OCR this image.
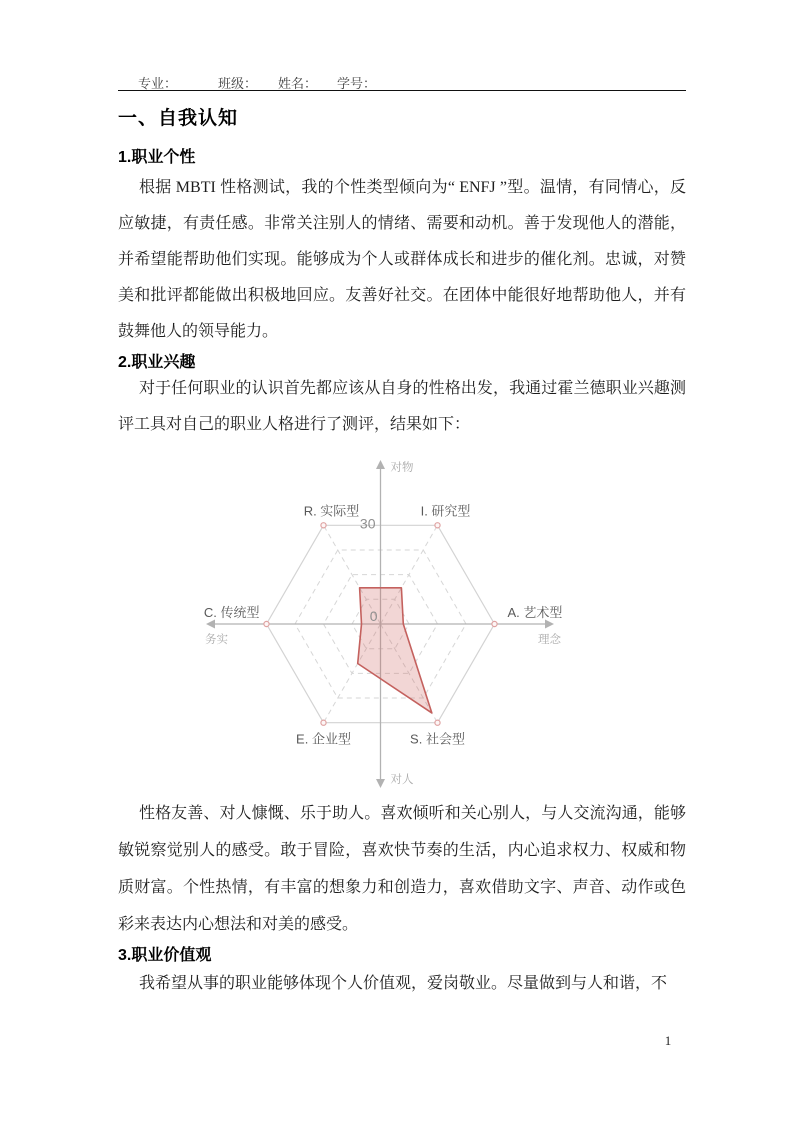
专业：	班级： 姓名： 学号：
一、自我认知
1.职业个性
根据 MBTI 性格测试，我的个性类型倾向为“ ENFJ ”型。温情，有同情心，反应敏捷，有责任感。非常关注别人的情绪、需要和动机。善于发现他人的潜能，并希望能帮助他们实现。能够成为个人或群体成长和进步的催化剂。忠诚，对赞美和批评都能做出积极地回应。友善好社交。在团体中能很好地帮助他人，并有鼓舞他人的领导能力。
2.职业兴趣
对于任何职业的认识首先都应该从自身的性格出发，我通过霍兰德职业兴趣测评工具对自己的职业人格进行了测评，结果如下：
R. 实际型	I. 研究型
A. 艺术型
S. 社会型
E. 企业型
C. 传统型
30
0
对物
对人
务实	理念
性格友善、对人慷慨、乐于助人。喜欢倾听和关心别人，与人交流沟通，能够敏锐察觉别人的感受。敢于冒险，喜欢快节奏的生活，内心追求权力、权威和物质财富。个性热情，有丰富的想象力和创造力，喜欢借助文字、声音、动作或色彩来表达内心想法和对美的感受。
3.职业价值观
我希望从事的职业能够体现个人价值观，爱岗敬业。尽量做到与人和谐，不
1
